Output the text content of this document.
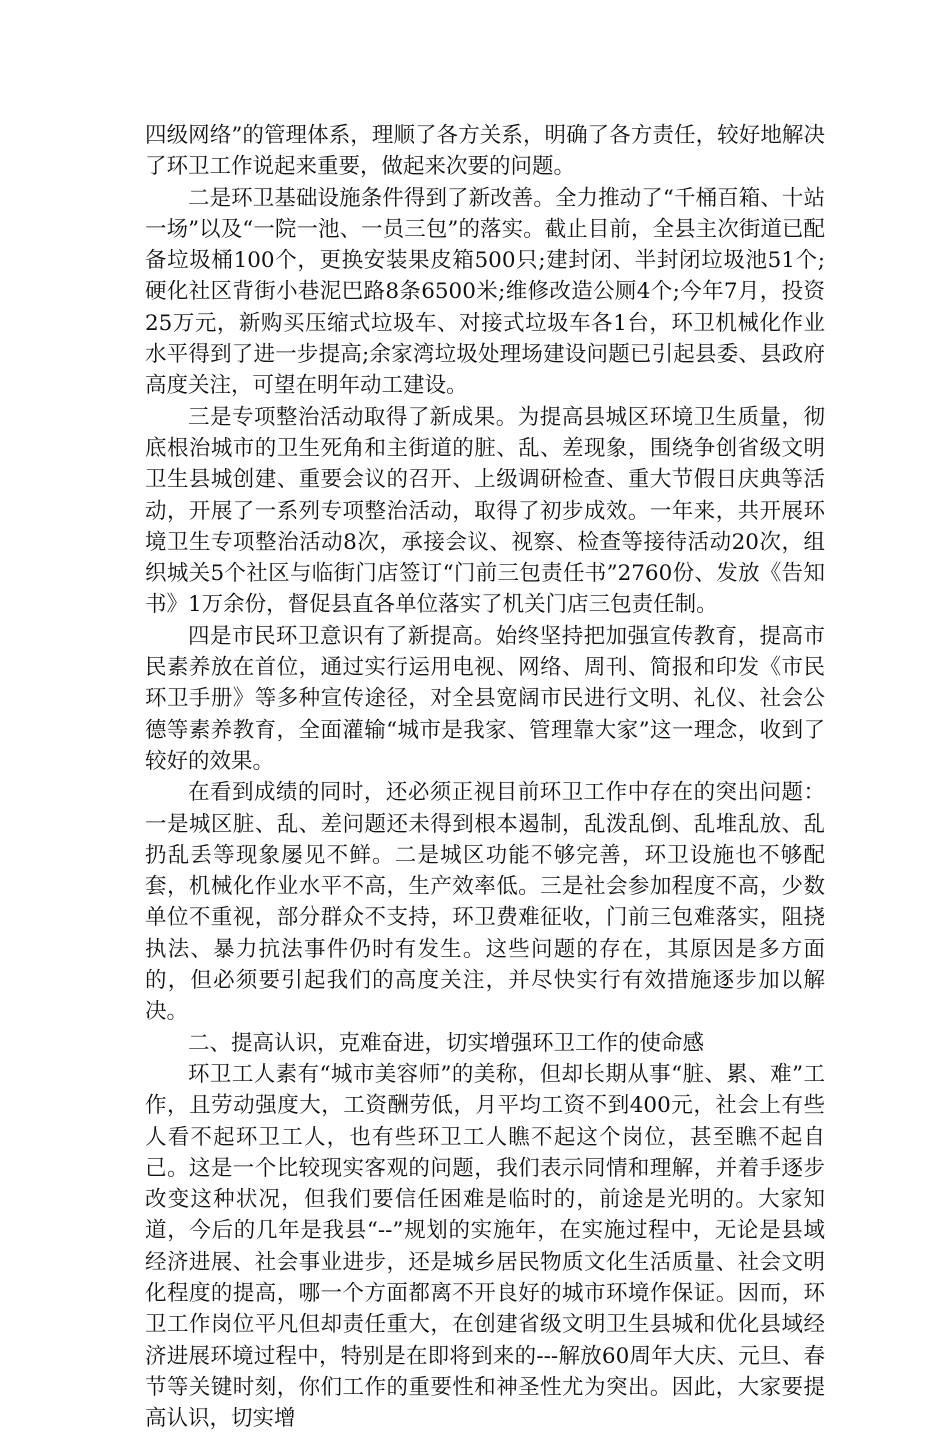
四级网络”的管理体系，理顺了各方关系，明确了各方责任，较好地解决了环卫工作说起来重要，做起来次要的问题。

二是环卫基础设施条件得到了新改善。全力推动了“千桶百箱、十站一场”以及“一院一池、一员三包”的落实。截止目前，全县主次街道已配备垃圾桶100个，更换安装果皮箱500只;建封闭、半封闭垃圾池51个;硬化社区背街小巷泥巴路8条6500米;维修改造公厕4个;今年7月，投资25万元，新购买压缩式垃圾车、对接式垃圾车各1台，环卫机械化作业水平得到了进一步提高;余家湾垃圾处理场建设问题已引起县委、县政府高度关注，可望在明年动工建设。

三是专项整治活动取得了新成果。为提高县城区环境卫生质量，彻底根治城市的卫生死角和主街道的脏、乱、差现象，围绕争创省级文明卫生县城创建、重要会议的召开、上级调研检查、重大节假日庆典等活动，开展了一系列专项整治活动，取得了初步成效。一年来，共开展环境卫生专项整治活动8次，承接会议、视察、检查等接待活动20次，组织城关5个社区与临街门店签订“门前三包责任书”2760份、发放《告知书》1万余份，督促县直各单位落实了机关门店三包责任制。

四是市民环卫意识有了新提高。始终坚持把加强宣传教育，提高市民素养放在首位，通过实行运用电视、网络、周刊、简报和印发《市民环卫手册》等多种宣传途径，对全县宽阔市民进行文明、礼仪、社会公德等素养教育，全面灌输“城市是我家、管理靠大家”这一理念，收到了较好的效果。

在看到成绩的同时，还必须正视目前环卫工作中存在的突出问题：一是城区脏、乱、差问题还未得到根本遏制，乱泼乱倒、乱堆乱放、乱扔乱丢等现象屡见不鲜。二是城区功能不够完善，环卫设施也不够配套，机械化作业水平不高，生产效率低。三是社会参加程度不高，少数单位不重视，部分群众不支持，环卫费难征收，门前三包难落实，阻挠执法、暴力抗法事件仍时有发生。这些问题的存在，其原因是多方面的，但必须要引起我们的高度关注，并尽快实行有效措施逐步加以解决。

二、提高认识，克难奋进，切实增强环卫工作的使命感

环卫工人素有“城市美容师”的美称，但却长期从事“脏、累、难”工作，且劳动强度大，工资酬劳低，月平均工资不到400元，社会上有些人看不起环卫工人，也有些环卫工人瞧不起这个岗位，甚至瞧不起自己。这是一个比较现实客观的问题，我们表示同情和理解，并着手逐步改变这种状况，但我们要信任困难是临时的，前途是光明的。大家知道，今后的几年是我县“--”规划的实施年，在实施过程中，无论是县域经济进展、社会事业进步，还是城乡居民物质文化生活质量、社会文明化程度的提高，哪一个方面都离不开良好的城市环境作保证。因而，环卫工作岗位平凡但却责任重大，在创建省级文明卫生县城和优化县域经济进展环境过程中，特别是在即将到来的---解放60周年大庆、元旦、春节等关键时刻，你们工作的重要性和神圣性尤为突出。因此，大家要提高认识，切实增
